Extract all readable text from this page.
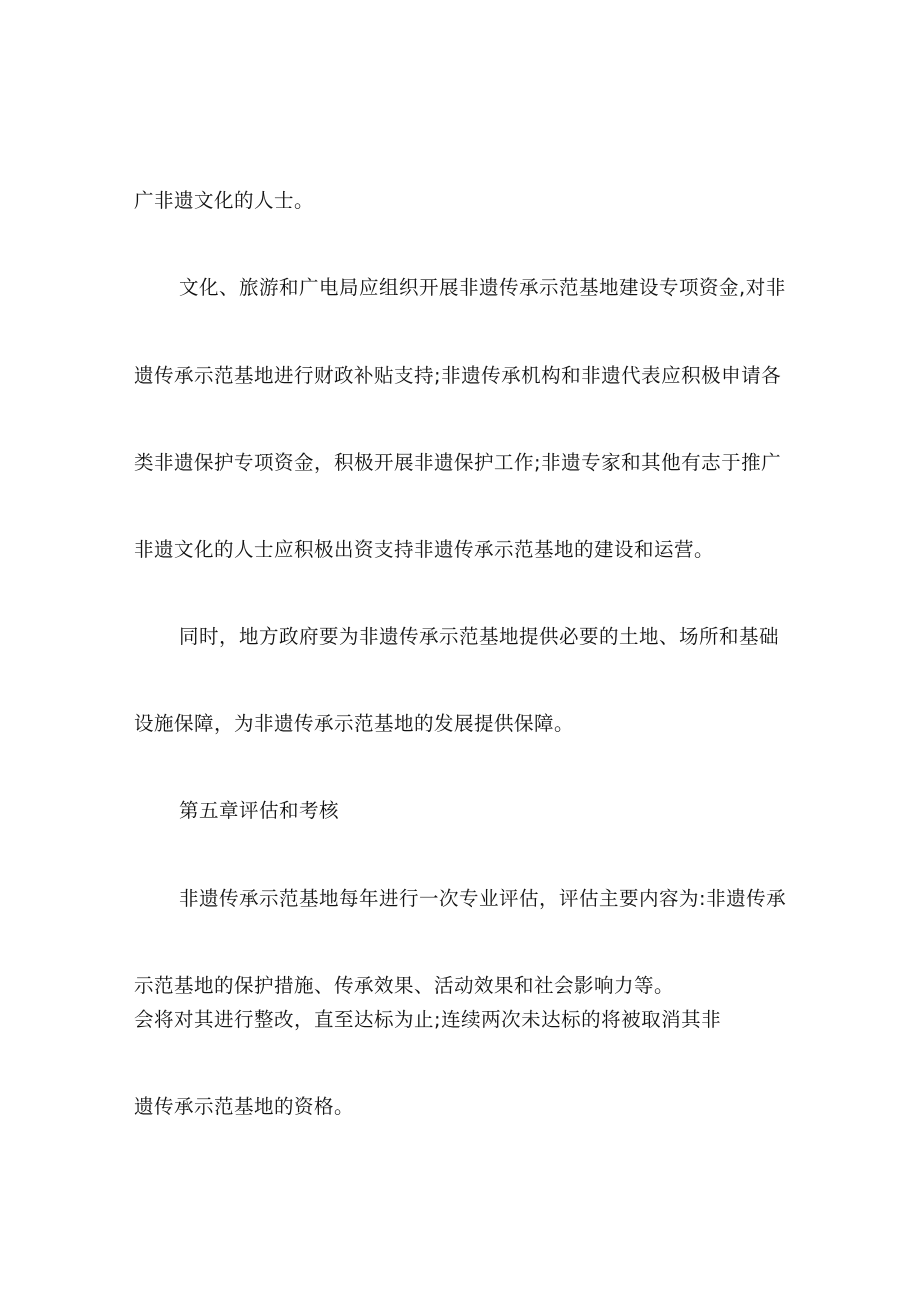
广非遗文化的人士。
文化、旅游和广电局应组织开展非遗传承示范基地建设专项资金,对非
遗传承示范基地进行财政补贴支持;非遗传承机构和非遗代表应积极申请各
类非遗保护专项资金，积极开展非遗保护工作;非遗专家和其他有志于推广
非遗文化的人士应积极出资支持非遗传承示范基地的建设和运营。
同时，地方政府要为非遗传承示范基地提供必要的土地、场所和基础
设施保障，为非遗传承示范基地的发展提供保障。
第五章评估和考核
非遗传承示范基地每年进行一次专业评估，评估主要内容为:非遗传承
示范基地的保护措施、传承效果、活动效果和社会影响力等。
会将对其进行整改，直至达标为止;连续两次未达标的将被取消其非
遗传承示范基地的资格。
